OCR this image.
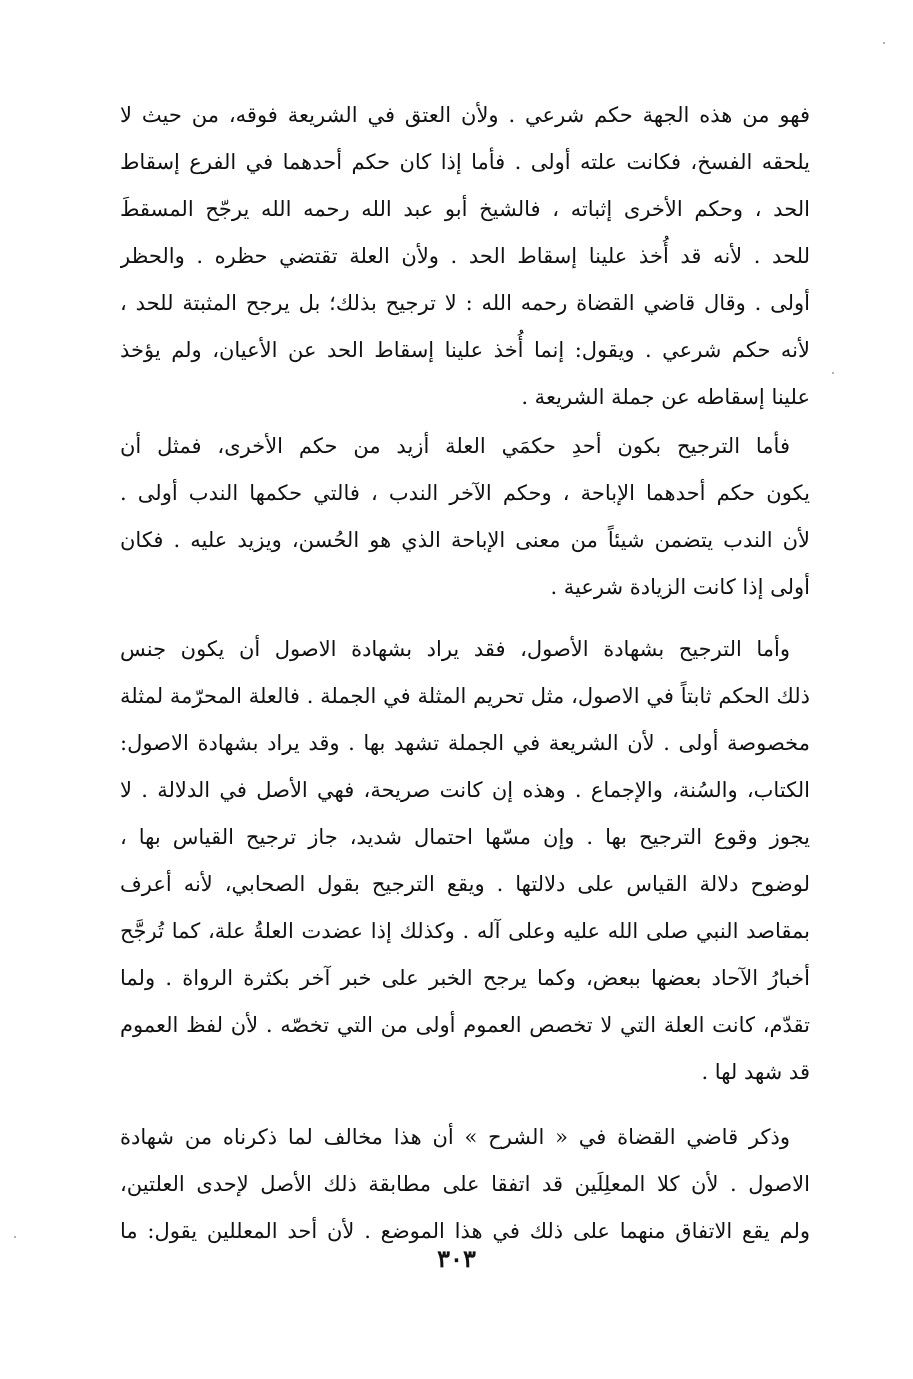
فهو من هذه الجهة حكم شرعي . ولأن العتق في الشريعة فوقه، من حيث لا
يلحقه الفسخ، فكانت علته أولى . فأما إذا كان حكم أحدهما في الفرع إسقاط
الحد ، وحكم الأخرى إثباته ، فالشيخ أبو عبد الله رحمه الله يرجّح المسقطَ
للحد . لأنه قد أُخذ علينا إسقاط الحد . ولأن العلة تقتضي حظره . والحظر
أولى . وقال قاضي القضاة رحمه الله : لا ترجيح بذلك؛ بل يرجح المثبتة للحد ،
لأنه حكم شرعي . ويقول: إنما أُخذ علينا إسقاط الحد عن الأعيان، ولم يؤخذ
علينا إسقاطه عن جملة الشريعة .
فأما الترجيح بكون أحدِ حكمَي العلة أزيد من حكم الأخرى، فمثل أن
يكون حكم أحدهما الإباحة ، وحكم الآخر الندب ، فالتي حكمها الندب أولى .
لأن الندب يتضمن شيئاً من معنى الإباحة الذي هو الحُسن، ويزيد عليه . فكان
أولى إذا كانت الزيادة شرعية .
وأما الترجيح بشهادة الأصول، فقد يراد بشهادة الاصول أن يكون جنس
ذلك الحكم ثابتاً في الاصول، مثل تحريم المثلة في الجملة . فالعلة المحرّمة لمثلة
مخصوصة أولى . لأن الشريعة في الجملة تشهد بها . وقد يراد بشهادة الاصول:
الكتاب، والسُنة، والإجماع . وهذه إن كانت صريحة، فهي الأصل في الدلالة . لا
يجوز وقوع الترجيح بها . وإن مسّها احتمال شديد، جاز ترجيح القياس بها ،
لوضوح دلالة القياس على دلالتها . ويقع الترجيح بقول الصحابي، لأنه أعرف
بمقاصد النبي صلى الله عليه وعلى آله . وكذلك إذا عضدت العلةُ علة، كما تُرجَّح
أخبارُ الآحاد بعضها ببعض، وكما يرجح الخبر على خبر آخر بكثرة الرواة . ولما
تقدّم، كانت العلة التي لا تخصص العموم أولى من التي تخصّه . لأن لفظ العموم
قد شهد لها .
وذكر قاضي القضاة في « الشرح » أن هذا مخالف لما ذكرناه من شهادة
الاصول . لأن كلا المعلِلَين قد اتفقا على مطابقة ذلك الأصل لإحدى العلتين،
ولم يقع الاتفاق منهما على ذلك في هذا الموضع . لأن أحد المعللين يقول: ما
٣٠٣
